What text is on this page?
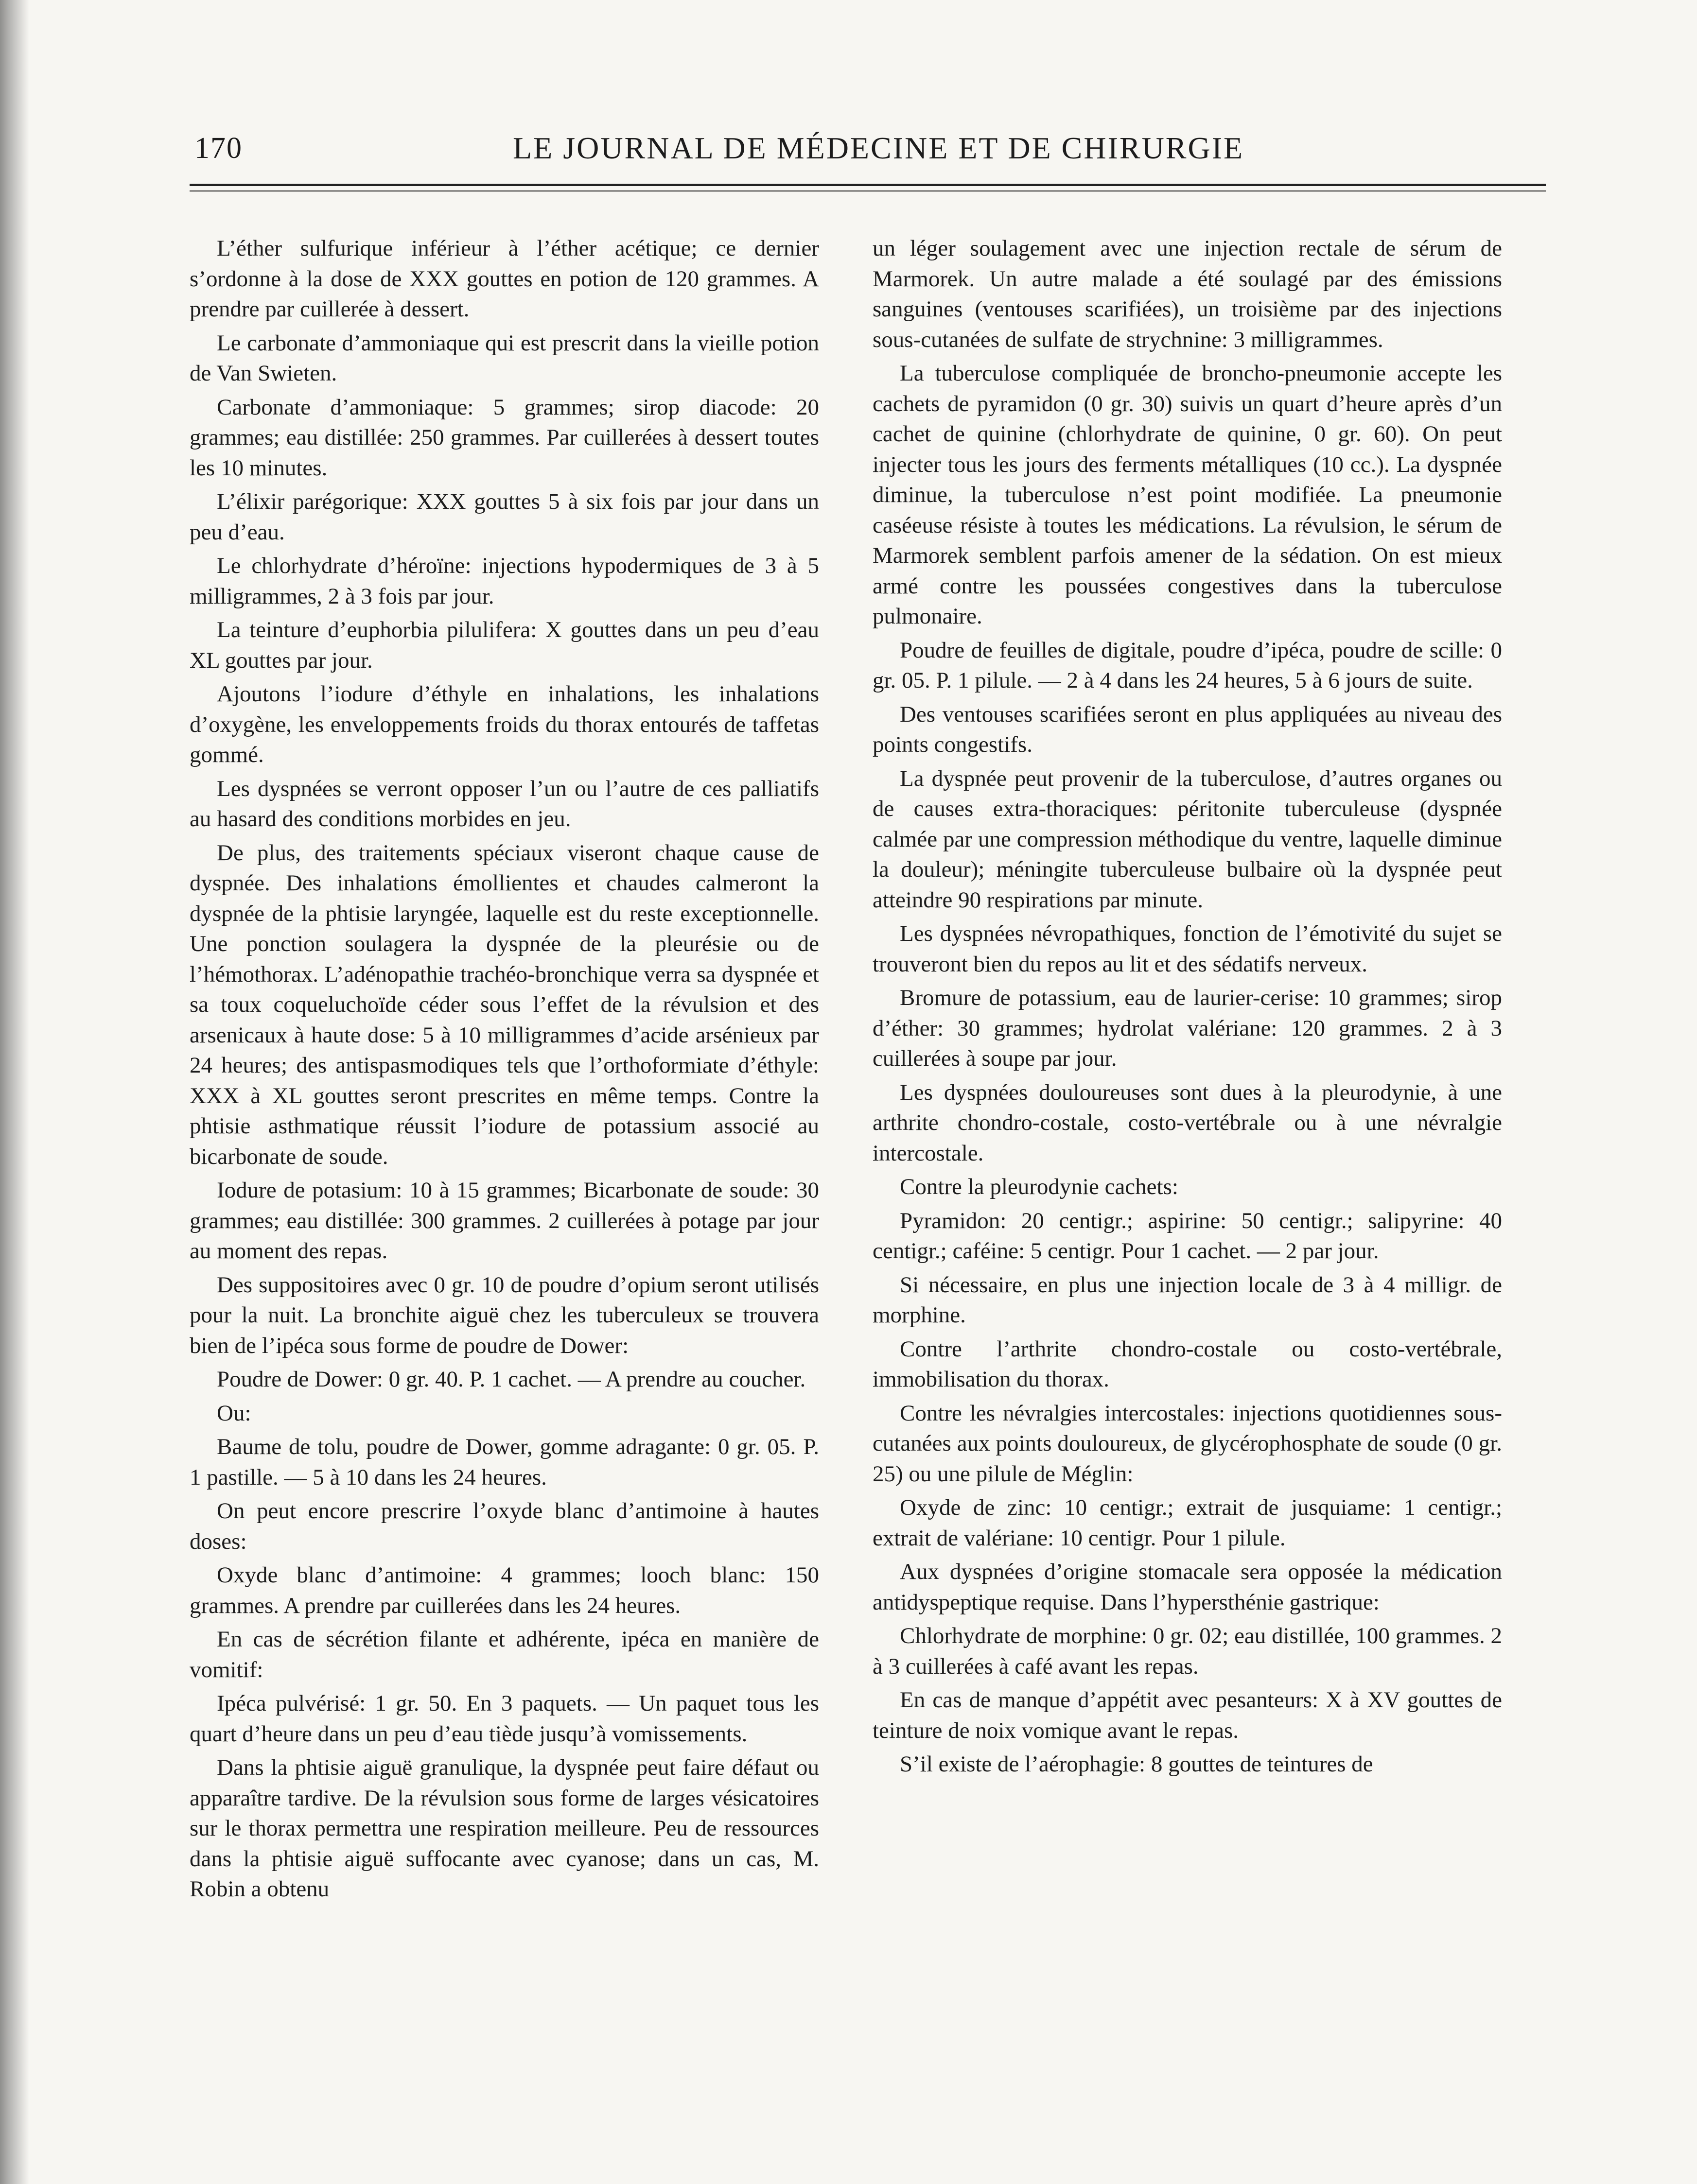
170	LE JOURNAL DE MÉDECINE ET DE CHIRURGIE

L’éther sulfurique inférieur à l’éther acétique; ce dernier s’ordonne à la dose de XXX gouttes en potion de 120 grammes. A prendre par cuillerée à dessert.

Le carbonate d’ammoniaque qui est prescrit dans la vieille potion de Van Swieten.

Carbonate d’ammoniaque: 5 grammes; sirop diacode: 20 grammes; eau distillée: 250 grammes. Par cuillerées à dessert toutes les 10 minutes.

L’élixir parégorique: XXX gouttes 5 à six fois par jour dans un peu d’eau.

Le chlorhydrate d’héroïne: injections hypodermiques de 3 à 5 milligrammes, 2 à 3 fois par jour.

La teinture d’euphorbia pilulifera: X gouttes dans un peu d’eau XL gouttes par jour.

Ajoutons l’iodure d’éthyle en inhalations, les inhalations d’oxygène, les enveloppements froids du thorax entourés de taffetas gommé.

Les dyspnées se verront opposer l’un ou l’autre de ces palliatifs au hasard des conditions morbides en jeu.

De plus, des traitements spéciaux viseront chaque cause de dyspnée. Des inhalations émollientes et chaudes calmeront la dyspnée de la phtisie laryngée, laquelle est du reste exceptionnelle. Une ponction soulagera la dyspnée de la pleurésie ou de l’hémothorax. L’adénopathie trachéo-bronchique verra sa dyspnée et sa toux coqueluchoïde céder sous l’effet de la révulsion et des arsenicaux à haute dose: 5 à 10 milligrammes d’acide arsénieux par 24 heures; des antispasmodiques tels que l’orthoformiate d’éthyle: XXX à XL gouttes seront prescrites en même temps. Contre la phtisie asthmatique réussit l’iodure de potassium associé au bicarbonate de soude.

Iodure de potasium: 10 à 15 grammes; Bicarbonate de soude: 30 grammes; eau distillée: 300 grammes. 2 cuillerées à potage par jour au moment des repas.

Des suppositoires avec 0 gr. 10 de poudre d’opium seront utilisés pour la nuit. La bronchite aiguë chez les tuberculeux se trouvera bien de l’ipéca sous forme de poudre de Dower:

Poudre de Dower: 0 gr. 40. P. 1 cachet. — A prendre au coucher.

Ou:

Baume de tolu, poudre de Dower, gomme adragante: 0 gr. 05. P. 1 pastille. — 5 à 10 dans les 24 heures.

On peut encore prescrire l’oxyde blanc d’antimoine à hautes doses:

Oxyde blanc d’antimoine: 4 grammes; looch blanc: 150 grammes. A prendre par cuillerées dans les 24 heures.

En cas de sécrétion filante et adhérente, ipéca en manière de vomitif:

Ipéca pulvérisé: 1 gr. 50. En 3 paquets. — Un paquet tous les quart d’heure dans un peu d’eau tiède jusqu’à vomissements.

Dans la phtisie aiguë granulique, la dyspnée peut faire défaut ou apparaître tardive. De la révulsion sous forme de larges vésicatoires sur le thorax permettra une respiration meilleure. Peu de ressources dans la phtisie aiguë suffocante avec cyanose; dans un cas, M. Robin a obtenu

un léger soulagement avec une injection rectale de sérum de Marmorek. Un autre malade a été soulagé par des émissions sanguines (ventouses scarifiées), un troisième par des injections sous-cutanées de sulfate de strychnine: 3 milligrammes.

La tuberculose compliquée de broncho-pneumonie accepte les cachets de pyramidon (0 gr. 30) suivis un quart d’heure après d’un cachet de quinine (chlorhydrate de quinine, 0 gr. 60). On peut injecter tous les jours des ferments métalliques (10 cc.). La dyspnée diminue, la tuberculose n’est point modifiée. La pneumonie caséeuse résiste à toutes les médications. La révulsion, le sérum de Marmorek semblent parfois amener de la sédation. On est mieux armé contre les poussées congestives dans la tuberculose pulmonaire.

Poudre de feuilles de digitale, poudre d’ipéca, poudre de scille: 0 gr. 05. P. 1 pilule. — 2 à 4 dans les 24 heures, 5 à 6 jours de suite.

Des ventouses scarifiées seront en plus appliquées au niveau des points congestifs.

La dyspnée peut provenir de la tuberculose, d’autres organes ou de causes extra-thoraciques: péritonite tuberculeuse (dyspnée calmée par une compression méthodique du ventre, laquelle diminue la douleur); méningite tuberculeuse bulbaire où la dyspnée peut atteindre 90 respirations par minute.

Les dyspnées névropathiques, fonction de l’émotivité du sujet se trouveront bien du repos au lit et des sédatifs nerveux.

Bromure de potassium, eau de laurier-cerise: 10 grammes; sirop d’éther: 30 grammes; hydrolat valériane: 120 grammes. 2 à 3 cuillerées à soupe par jour.

Les dyspnées douloureuses sont dues à la pleurodynie, à une arthrite chondro-costale, costo-vertébrale ou à une névralgie intercostale.

Contre la pleurodynie cachets:

Pyramidon: 20 centigr.; aspirine: 50 centigr.; salipyrine: 40 centigr.; caféine: 5 centigr. Pour 1 cachet. — 2 par jour.

Si nécessaire, en plus une injection locale de 3 à 4 milligr. de morphine.

Contre l’arthrite chondro-costale ou costo-vertébrale, immobilisation du thorax.

Contre les névralgies intercostales: injections quotidiennes sous-cutanées aux points douloureux, de glycérophosphate de soude (0 gr. 25) ou une pilule de Méglin:

Oxyde de zinc: 10 centigr.; extrait de jusquiame: 1 centigr.; extrait de valériane: 10 centigr. Pour 1 pilule.

Aux dyspnées d’origine stomacale sera opposée la médication antidyspeptique requise. Dans l’hypersthénie gastrique:

Chlorhydrate de morphine: 0 gr. 02; eau distillée, 100 grammes. 2 à 3 cuillerées à café avant les repas.

En cas de manque d’appétit avec pesanteurs: X à XV gouttes de teinture de noix vomique avant le repas.

S’il existe de l’aérophagie: 8 gouttes de teintures de
